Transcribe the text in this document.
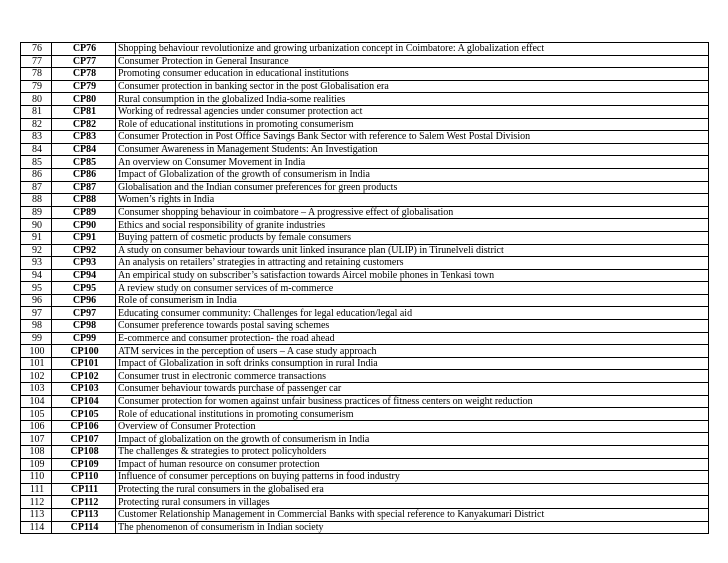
76	CP76	Shopping behaviour revolutionize and growing urbanization concept in Coimbatore: A globalization effect
77	CP77	Consumer Protection in General Insurance
78	CP78	Promoting consumer education in educational institutions
79	CP79	Consumer protection in banking sector in the post Globalisation era
80	CP80	Rural consumption in the globalized India-some realities
81	CP81	Working of redressal agencies under consumer protection act
82	CP82	Role of educational institutions in promoting consumerism
83	CP83	Consumer Protection in Post Office Savings Bank Sector with reference to Salem West Postal Division
84	CP84	Consumer Awareness in Management Students: An Investigation
85	CP85	An overview on Consumer Movement in India
86	CP86	Impact of Globalization of the growth of consumerism in India
87	CP87	Globalisation and the Indian consumer preferences for green products
88	CP88	Women’s rights in India
89	CP89	Consumer shopping behaviour in coimbatore – A progressive effect of globalisation
90	CP90	Ethics and social responsibility of granite industries
91	CP91	Buying pattern of cosmetic products by female consumers
92	CP92	A study on consumer behaviour towards unit linked insurance plan (ULIP) in Tirunelveli district
93	CP93	An analysis on retailers’ strategies in attracting and retaining customers
94	CP94	An empirical study on subscriber’s satisfaction towards Aircel mobile phones in Tenkasi town
95	CP95	A review study on consumer services of m-commerce
96	CP96	Role of consumerism in India
97	CP97	Educating consumer community: Challenges for legal education/legal aid
98	CP98	Consumer preference towards postal saving schemes
99	CP99	E-commerce and consumer protection- the road ahead
100	CP100	ATM services in the perception of users – A case study approach
101	CP101	Impact of Globalization in soft drinks consumption in rural India
102	CP102	Consumer trust in electronic commerce transactions
103	CP103	Consumer behaviour towards purchase of passenger car
104	CP104	Consumer protection for women against unfair business practices of fitness centers on weight reduction
105	CP105	Role of educational institutions in promoting consumerism
106	CP106	Overview of Consumer Protection
107	CP107	Impact of globalization on the growth of consumerism in India
108	CP108	The challenges & strategies to protect policyholders
109	CP109	Impact of human resource on consumer protection
110	CP110	Influence of consumer perceptions on buying patterns in food industry
111	CP111	Protecting the rural consumers in the globalised era
112	CP112	Protecting rural consumers in villages
113	CP113	Customer Relationship Management in Commercial Banks with special reference to Kanyakumari District
114	CP114	The phenomenon of consumerism in Indian society
